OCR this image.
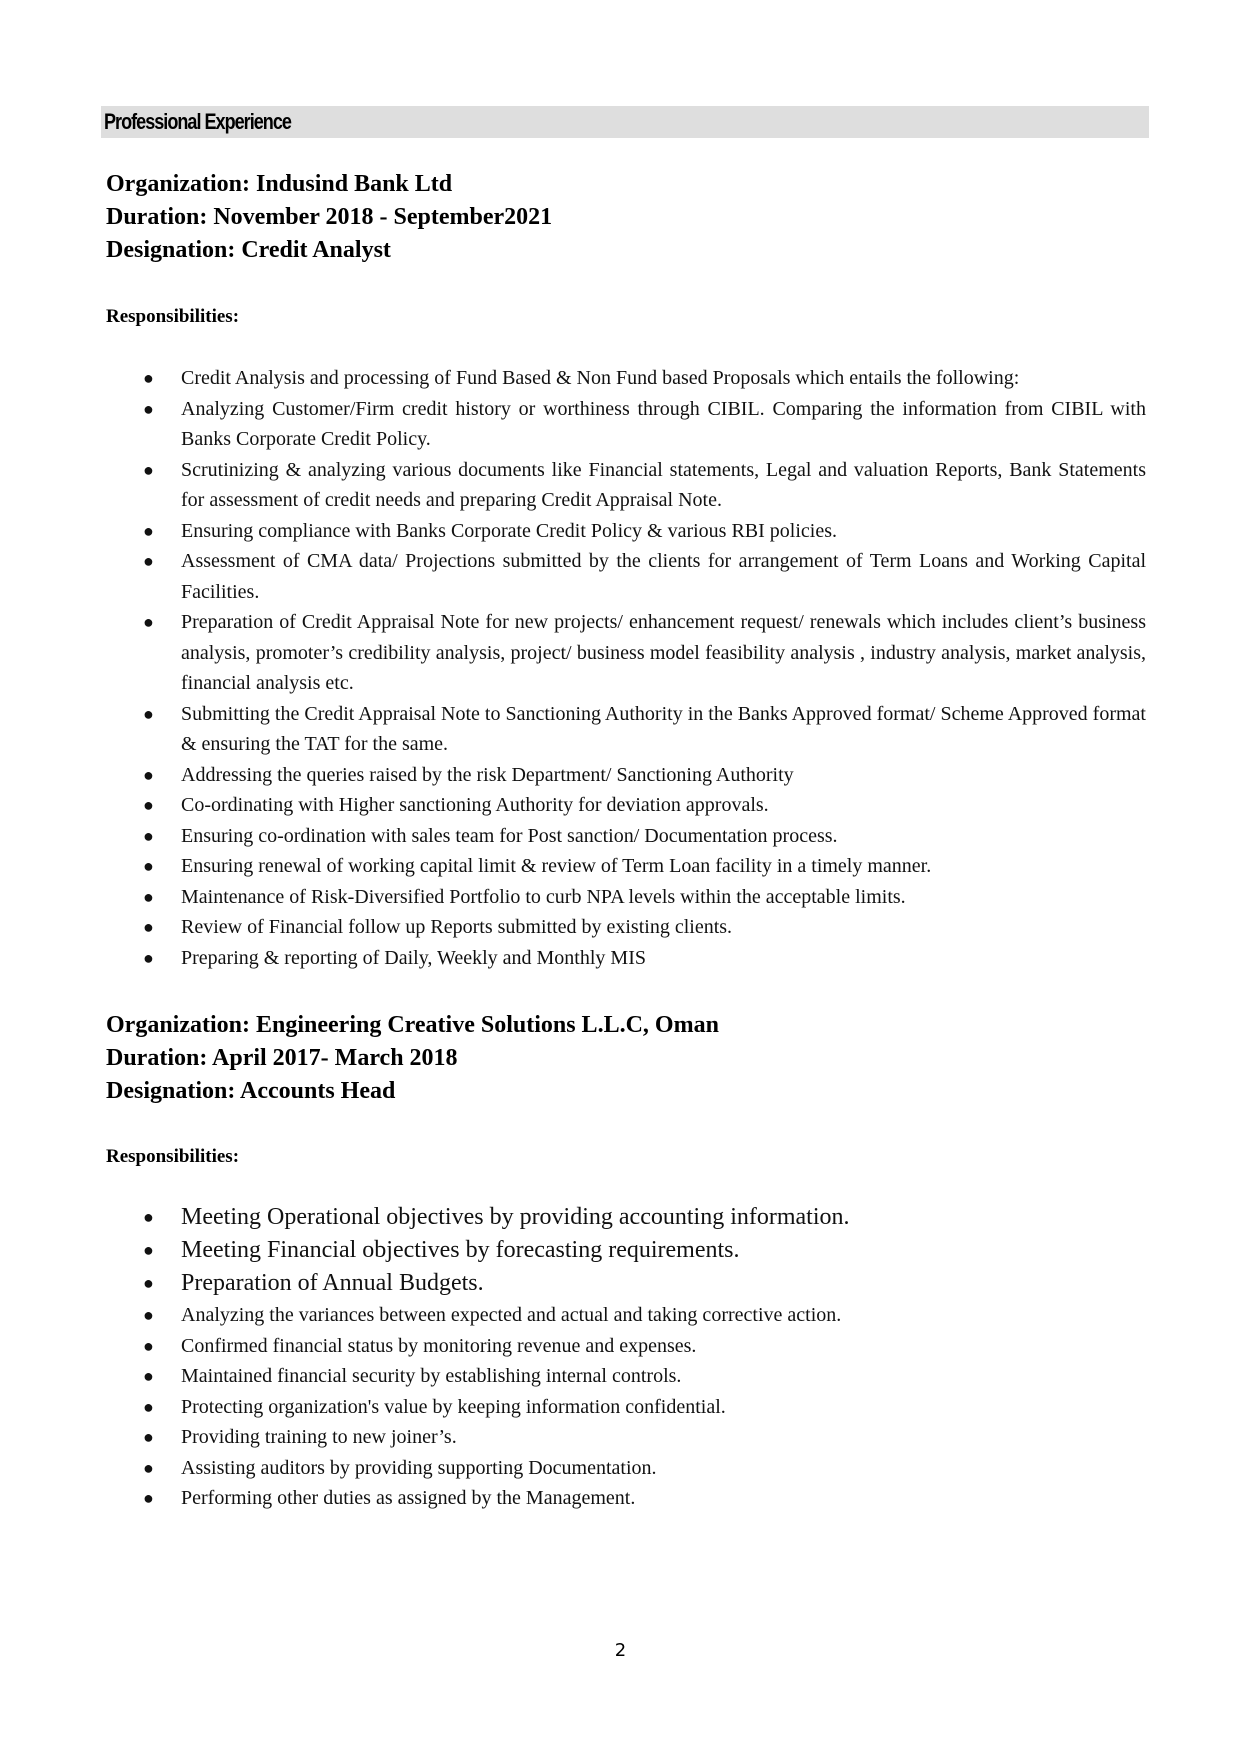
Professional Experience
Organization: Indusind Bank Ltd
Duration: November 2018 - September2021
Designation: Credit Analyst
Responsibilities:
● Credit Analysis and processing of Fund Based & Non Fund based Proposals which entails the following:
● Analyzing Customer/Firm credit history or worthiness through CIBIL. Comparing the information from CIBIL with Banks Corporate Credit Policy.
● Scrutinizing & analyzing various documents like Financial statements, Legal and valuation Reports, Bank Statements for assessment of credit needs and preparing Credit Appraisal Note.
● Ensuring compliance with Banks Corporate Credit Policy & various RBI policies.
● Assessment of CMA data/ Projections submitted by the clients for arrangement of Term Loans and Working Capital Facilities.
● Preparation of Credit Appraisal Note for new projects/ enhancement request/ renewals which includes client’s business analysis, promoter’s credibility analysis, project/ business model feasibility analysis , industry analysis, market analysis, financial analysis etc.
● Submitting the Credit Appraisal Note to Sanctioning Authority in the Banks Approved format/ Scheme Approved format & ensuring the TAT for the same.
● Addressing the queries raised by the risk Department/ Sanctioning Authority
● Co-ordinating with Higher sanctioning Authority for deviation approvals.
● Ensuring co-ordination with sales team for Post sanction/ Documentation process.
● Ensuring renewal of working capital limit & review of Term Loan facility in a timely manner.
● Maintenance of Risk-Diversified Portfolio to curb NPA levels within the acceptable limits.
● Review of Financial follow up Reports submitted by existing clients.
● Preparing & reporting of Daily, Weekly and Monthly MIS
Organization: Engineering Creative Solutions L.L.C, Oman
Duration: April 2017- March 2018
Designation: Accounts Head
Responsibilities:
● Meeting Operational objectives by providing accounting information.
● Meeting Financial objectives by forecasting requirements.
● Preparation of Annual Budgets.
● Analyzing the variances between expected and actual and taking corrective action.
● Confirmed financial status by monitoring revenue and expenses.
● Maintained financial security by establishing internal controls.
● Protecting organization's value by keeping information confidential.
● Providing training to new joiner’s.
● Assisting auditors by providing supporting Documentation.
● Performing other duties as assigned by the Management.
2
